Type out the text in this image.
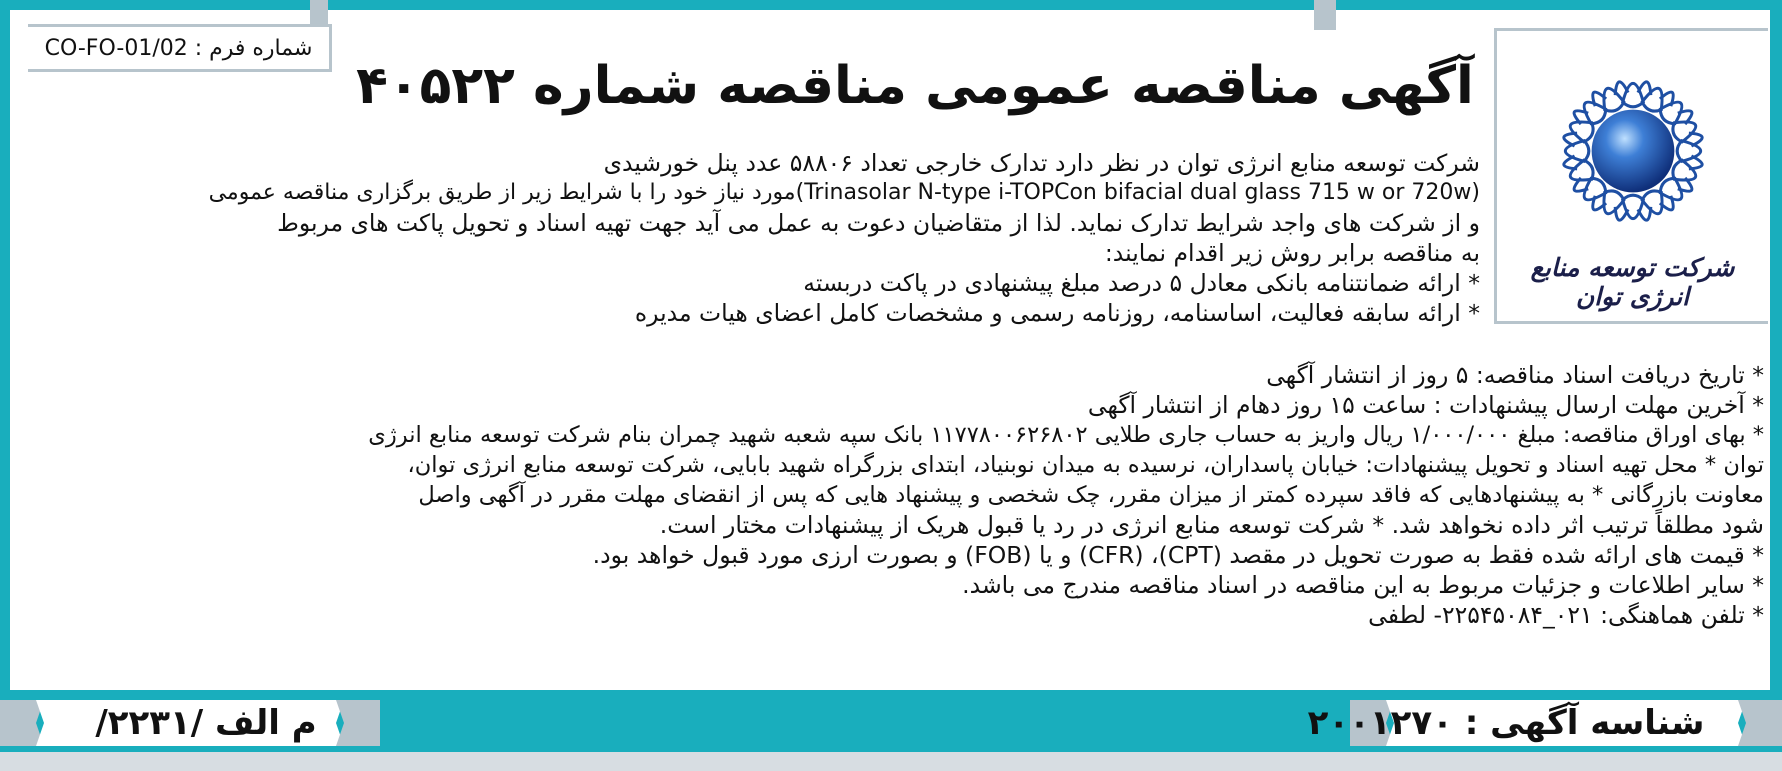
شماره فرم : CO-FO-01/02
آگهی مناقصه عمومی مناقصه شماره ۴۰۵۲۲
شرکت توسعه منابع انرژی توان
شرکت توسعه منابع انرژی توان در نظر دارد تدارک خارجی تعداد ۵۸۸۰۶ عدد پنل خورشیدی
(Trinasolar N-type i-TOPCon bifacial dual glass 715 w or 720w)مورد نیاز خود را با شرایط زیر از طریق برگزاری مناقصه عمومی
و از شرکت های واجد شرایط تدارک نماید. لذا از متقاضیان دعوت به عمل می آید جهت تهیه اسناد و تحویل پاکت های مربوط
به مناقصه برابر روش زیر اقدام نمایند:
* ارائه ضمانتنامه بانکی معادل ۵ درصد مبلغ پیشنهادی در پاکت دربسته
* ارائه سابقه فعالیت، اساسنامه، روزنامه رسمی و مشخصات کامل اعضای هیات مدیره
* تاریخ دریافت اسناد مناقصه: ۵ روز از انتشار آگهی
* آخرین مهلت ارسال پیشنهادات : ساعت ۱۵ روز دهام از انتشار آگهی
* بهای اوراق مناقصه: مبلغ ۱/۰۰۰/۰۰۰ ریال واریز به حساب جاری طلایی ۱۱۷۷۸۰۰۶۲۶۸۰۲ بانک سپه شعبه شهید چمران بنام شرکت توسعه منابع انرژی
توان * محل تهیه اسناد و تحویل پیشنهادات: خیابان پاسداران، نرسیده به میدان نوبنیاد، ابتدای بزرگراه شهید بابایی، شرکت توسعه منابع انرژی توان،
معاونت بازرگانی * به پیشنهادهایی که فاقد سپرده کمتر از میزان مقرر، چک شخصی و پیشنهاد هایی که پس از انقضای مهلت مقرر در آگهی واصل
شود مطلقاً ترتیب اثر داده نخواهد شد. * شرکت توسعه منابع انرژی در رد یا قبول هریک از پیشنهادات مختار است.
* قیمت های ارائه شده فقط به صورت تحویل در مقصد (CPT)، (CFR) و یا (FOB) و بصورت ارزی مورد قبول خواهد بود.
* سایر اطلاعات و جزئیات مربوط به این مناقصه در اسناد مناقصه مندرج می باشد.
* تلفن هماهنگی: ۰۲۱_۲۲۵۴۵۰۸۴- لطفی
م الف /۲۲۳۱/	شناسه آگهی : ۲۰۰۱۲۷۰
